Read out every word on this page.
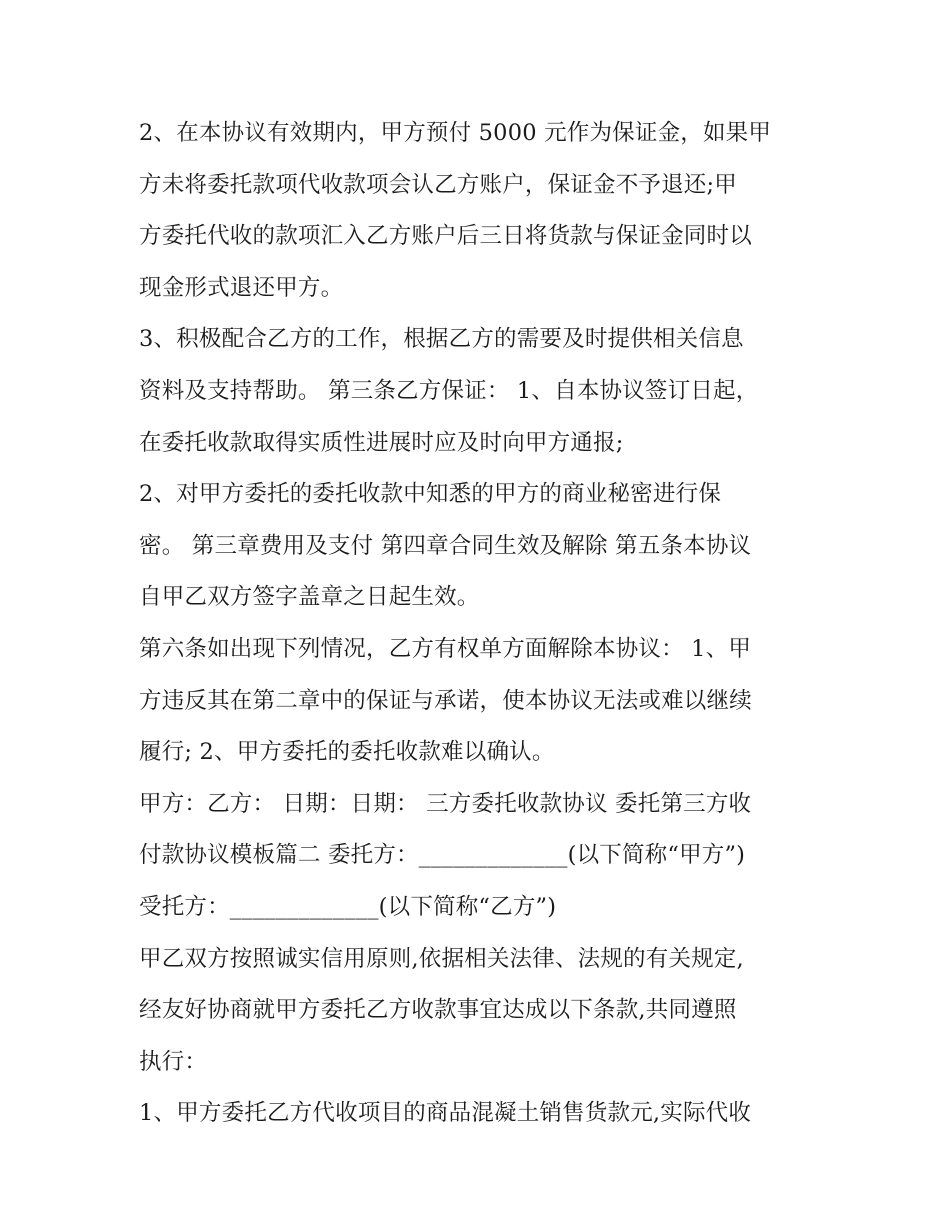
2、在本协议有效期内，甲方预付 5000 元作为保证金，如果甲
方未将委托款项代收款项会认乙方账户，保证金不予退还;甲
方委托代收的款项汇入乙方账户后三日将货款与保证金同时以
现金形式退还甲方。
3、积极配合乙方的工作，根据乙方的需要及时提供相关信息
资料及支持帮助。 第三条乙方保证： 1、自本协议签订日起，
在委托收款取得实质性进展时应及时向甲方通报;
2、对甲方委托的委托收款中知悉的甲方的商业秘密进行保
密。 第三章费用及支付 第四章合同生效及解除 第五条本协议
自甲乙双方签字盖章之日起生效。
第六条如出现下列情况，乙方有权单方面解除本协议： 1、甲
方违反其在第二章中的保证与承诺，使本协议无法或难以继续
履行; 2、甲方委托的委托收款难以确认。
甲方：乙方： 日期：日期： 三方委托收款协议 委托第三方收
付款协议模板篇二 委托方：_____________(以下简称“甲方”)
受托方：_____________(以下简称“乙方”)
甲乙双方按照诚实信用原则,依据相关法律、法规的有关规定,
经友好协商就甲方委托乙方收款事宜达成以下条款,共同遵照
执行：
1、甲方委托乙方代收项目的商品混凝土销售货款元,实际代收
